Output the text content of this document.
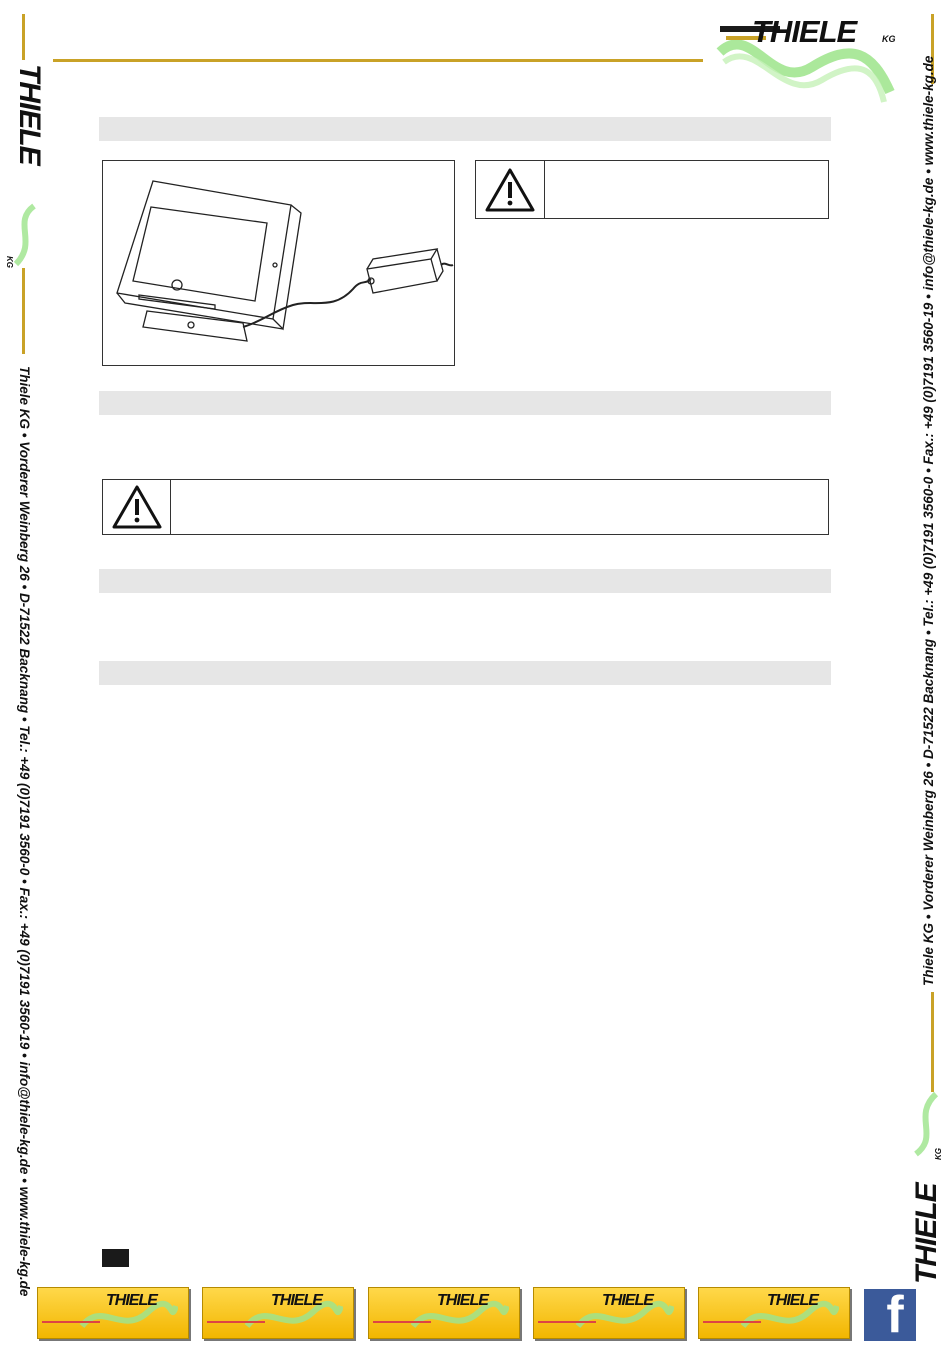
THIELE	KG
THIELE
KG
Thiele KG • Vorderer Weinberg 26 • D-71522 Backnang • Tel.: +49 (0)7191 3560-0 • Fax.: +49 (0)7191 3560-19 • info@thiele-kg.de • www.thiele-kg.de	Thiele KG • Vorderer Weinberg 26 • D-71522 Backnang • Tel.: +49 (0)7191 3560-0 • Fax.: +49 (0)7191 3560-19 • info@thiele-kg.de • www.thiele-kg.de
THIELE
KG
THIELE	THIELE	THIELE	THIELE	THIELE f
